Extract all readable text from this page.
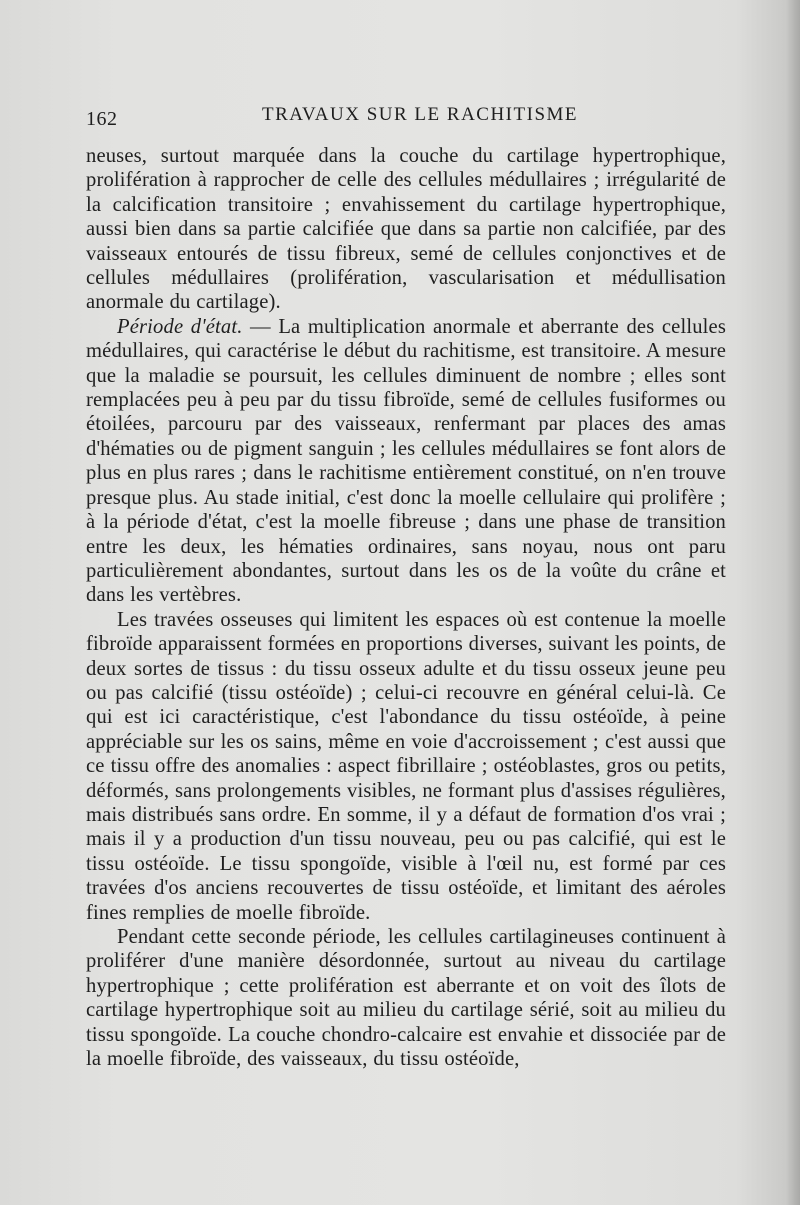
162	TRAVAUX SUR LE RACHITISME

neuses, surtout marquée dans la couche du cartilage hypertrophique, prolifération à rapprocher de celle des cellules médullaires ; irrégularité de la calcification transitoire ; envahissement du cartilage hypertrophique, aussi bien dans sa partie calcifiée que dans sa partie non calcifiée, par des vaisseaux entourés de tissu fibreux, semé de cellules conjonctives et de cellules médullaires (prolifération, vascularisation et médullisation anormale du cartilage).

Période d'état. — La multiplication anormale et aberrante des cellules médullaires, qui caractérise le début du rachitisme, est transitoire. A mesure que la maladie se poursuit, les cellules diminuent de nombre ; elles sont remplacées peu à peu par du tissu fibroïde, semé de cellules fusiformes ou étoilées, parcouru par des vaisseaux, renfermant par places des amas d'hématies ou de pigment sanguin ; les cellules médullaires se font alors de plus en plus rares ; dans le rachitisme entièrement constitué, on n'en trouve presque plus. Au stade initial, c'est donc la moelle cellulaire qui prolifère ; à la période d'état, c'est la moelle fibreuse ; dans une phase de transition entre les deux, les hématies ordinaires, sans noyau, nous ont paru particulièrement abondantes, surtout dans les os de la voûte du crâne et dans les vertèbres.

Les travées osseuses qui limitent les espaces où est contenue la moelle fibroïde apparaissent formées en proportions diverses, suivant les points, de deux sortes de tissus : du tissu osseux adulte et du tissu osseux jeune peu ou pas calcifié (tissu ostéoïde) ; celui-ci recouvre en général celui-là. Ce qui est ici caractéristique, c'est l'abondance du tissu ostéoïde, à peine appréciable sur les os sains, même en voie d'accroissement ; c'est aussi que ce tissu offre des anomalies : aspect fibrillaire ; ostéoblastes, gros ou petits, déformés, sans prolongements visibles, ne formant plus d'assises régulières, mais distribués sans ordre. En somme, il y a défaut de formation d'os vrai ; mais il y a production d'un tissu nouveau, peu ou pas calcifié, qui est le tissu ostéoïde. Le tissu spongoïde, visible à l'œil nu, est formé par ces travées d'os anciens recouvertes de tissu ostéoïde, et limitant des aéroles fines remplies de moelle fibroïde.

Pendant cette seconde période, les cellules cartilagineuses continuent à proliférer d'une manière désordonnée, surtout au niveau du cartilage hypertrophique ; cette prolifération est aberrante et on voit des îlots de cartilage hypertrophique soit au milieu du cartilage sérié, soit au milieu du tissu spongoïde. La couche chondro-calcaire est envahie et dissociée par de la moelle fibroïde, des vaisseaux, du tissu ostéoïde,
